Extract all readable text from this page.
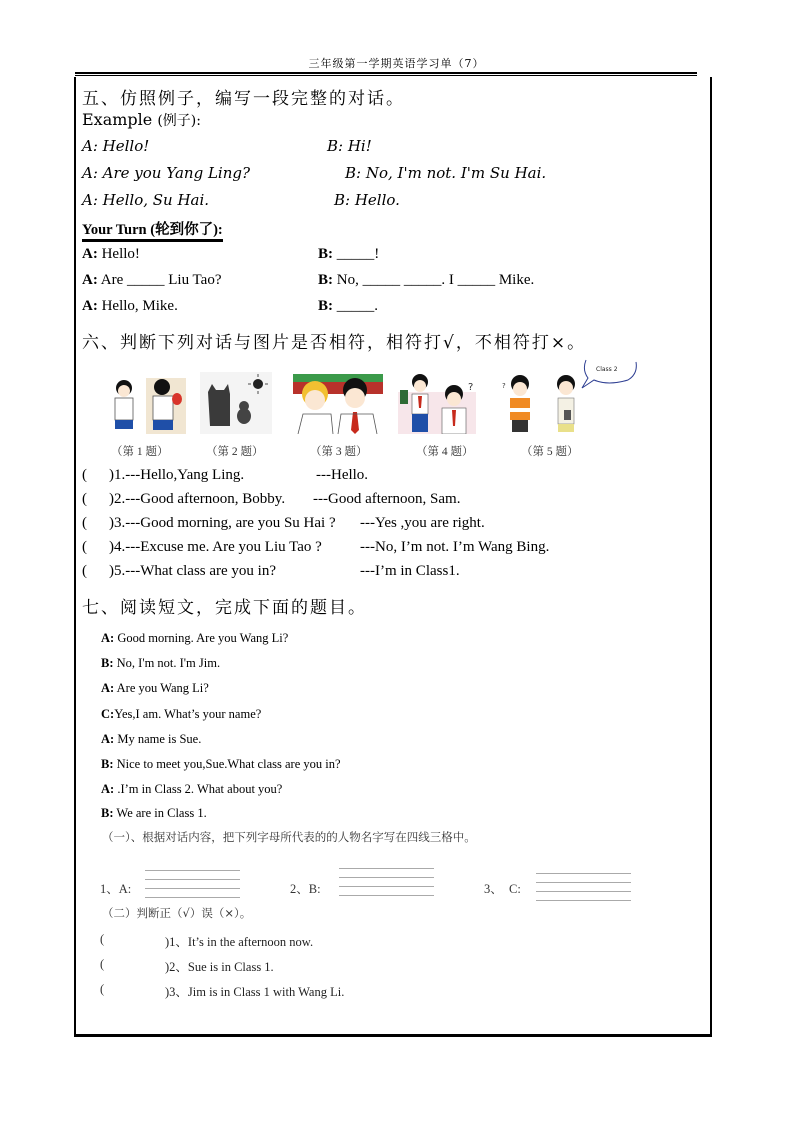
三年级第一学期英语学习单（7）
五、仿照例子，编写一段完整的对话。
Example (例子):
A: Hello!	B: Hi!
A: Are you Yang Ling?	B: No, I'm not. I'm Su Hai.
A: Hello, Su Hai.	B: Hello.
Your Turn (轮到你了):
A: Hello!	B: _____!
A: Are _____ Liu Tao?	B: No, _____ _____. I _____ Mike.
A: Hello, Mike.	B: _____.
六、判断下列对话与图片是否相符，相符打√，不相符打×。
?	?
Class 2
（第 1 题）	（第 2 题）	（第 3 题）	（第 4 题）	（第 5 题）
( )1.---Hello,Yang Ling.	---Hello.
( )2.---Good afternoon, Bobby. ---Good afternoon, Sam.
( )3.---Good morning, are you Su Hai ? ---Yes ,you are right.
( )4.---Excuse me. Are you Liu Tao ?	---No, I’m not. I’m Wang Bing.
( )5.---What class are you in?	---I’m in Class1.
七、阅读短文，完成下面的题目。
A: Good morning. Are you Wang Li?
B: No, I'm not. I'm Jim.
A: Are you Wang Li?
C:Yes,I am. What’s your name?
A: My name is Sue.
B: Nice to meet you,Sue.What class are you in?
A: .I’m in Class 2. What about you?
B: We are in Class 1.
（一）、根据对话内容，把下列字母所代表的的人物名字写在四线三格中。
1、A:	2、B:	3、  C:
（二）判断正（√）误（×）。
(	)1、It’s in the afternoon now.
(	)2、Sue is in Class 1.
(	)3、Jim is in Class 1 with Wang Li.
